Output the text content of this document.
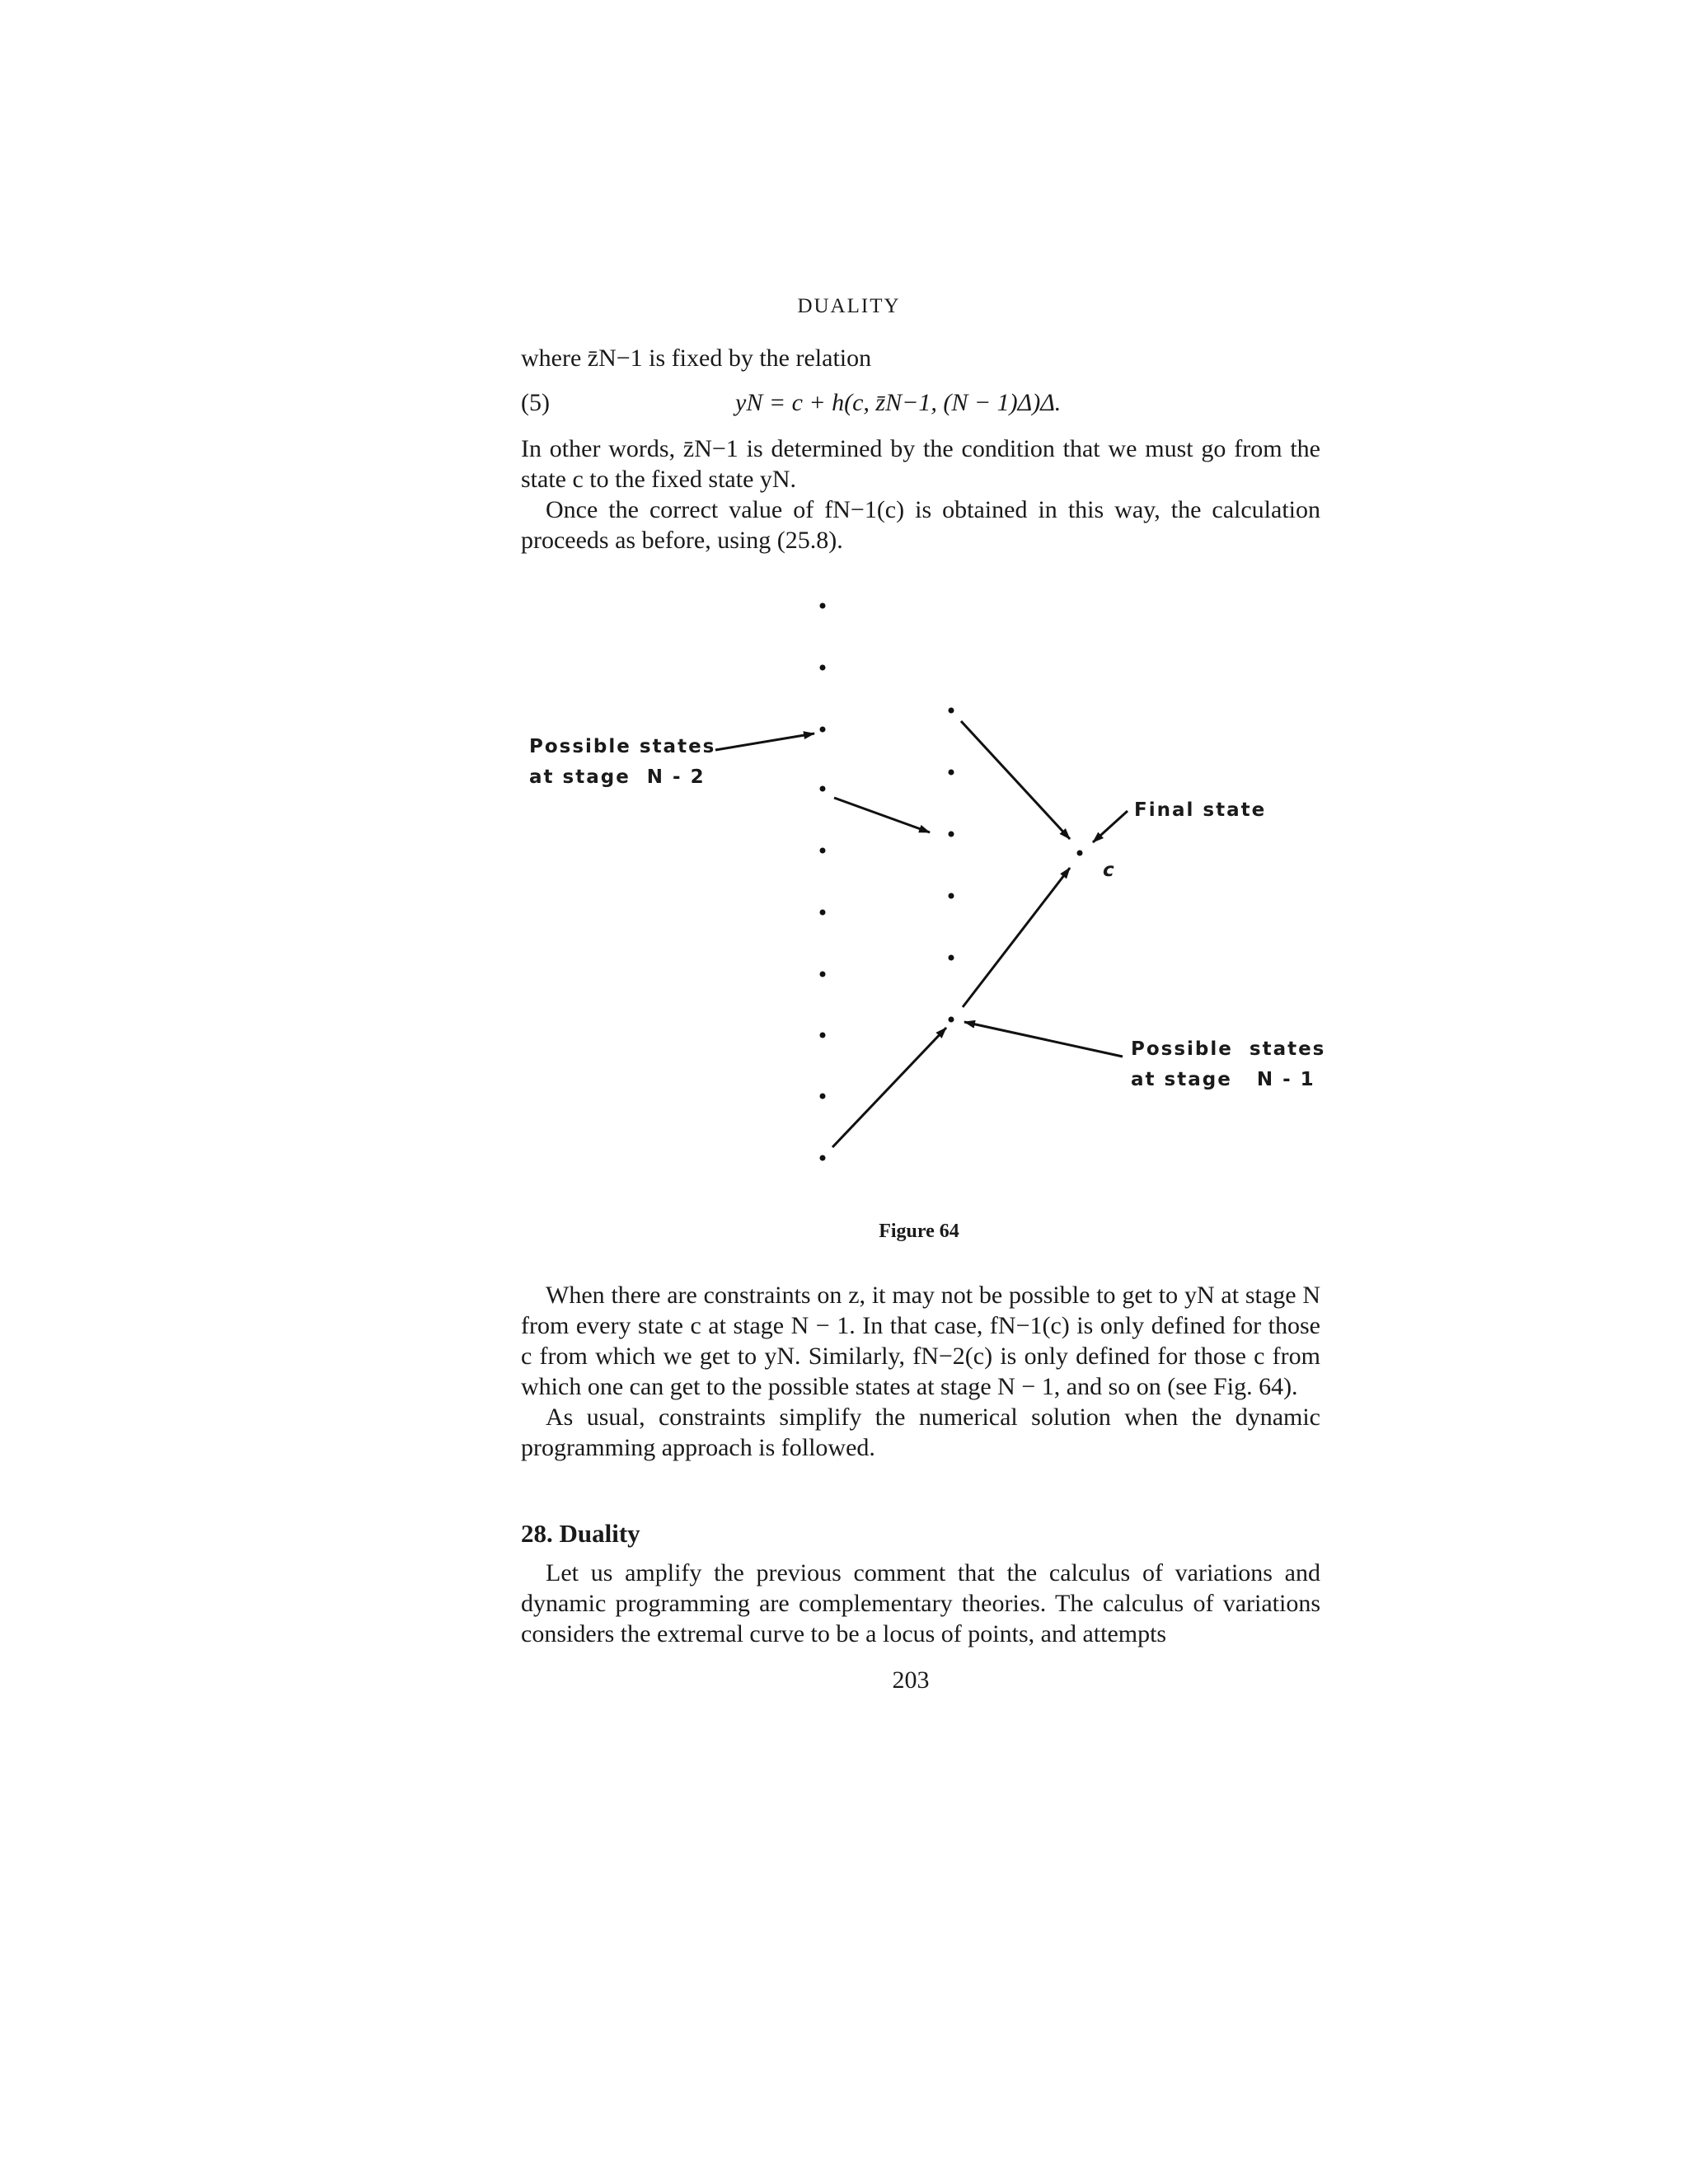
DUALITY

where z̄N−1 is fixed by the relation

(5)	yN = c + h(c, z̄N−1, (N − 1)Δ)Δ.

In other words, z̄N−1 is determined by the condition that we must go from the state c to the fixed state yN.

Once the correct value of fN−1(c) is obtained in this way, the calculation proceeds as before, using (25.8).

Possible states
at stage  N - 2
Final state
c
Possible  states
at stage   N - 1
Figure 64

When there are constraints on z, it may not be possible to get to yN at stage N from every state c at stage N − 1. In that case, fN−1(c) is only defined for those c from which we get to yN. Similarly, fN−2(c) is only defined for those c from which one can get to the possible states at stage N − 1, and so on (see Fig. 64).

As usual, constraints simplify the numerical solution when the dynamic programming approach is followed.

28. Duality

Let us amplify the previous comment that the calculus of variations and dynamic programming are complementary theories. The calculus of variations considers the extremal curve to be a locus of points, and attempts

203
